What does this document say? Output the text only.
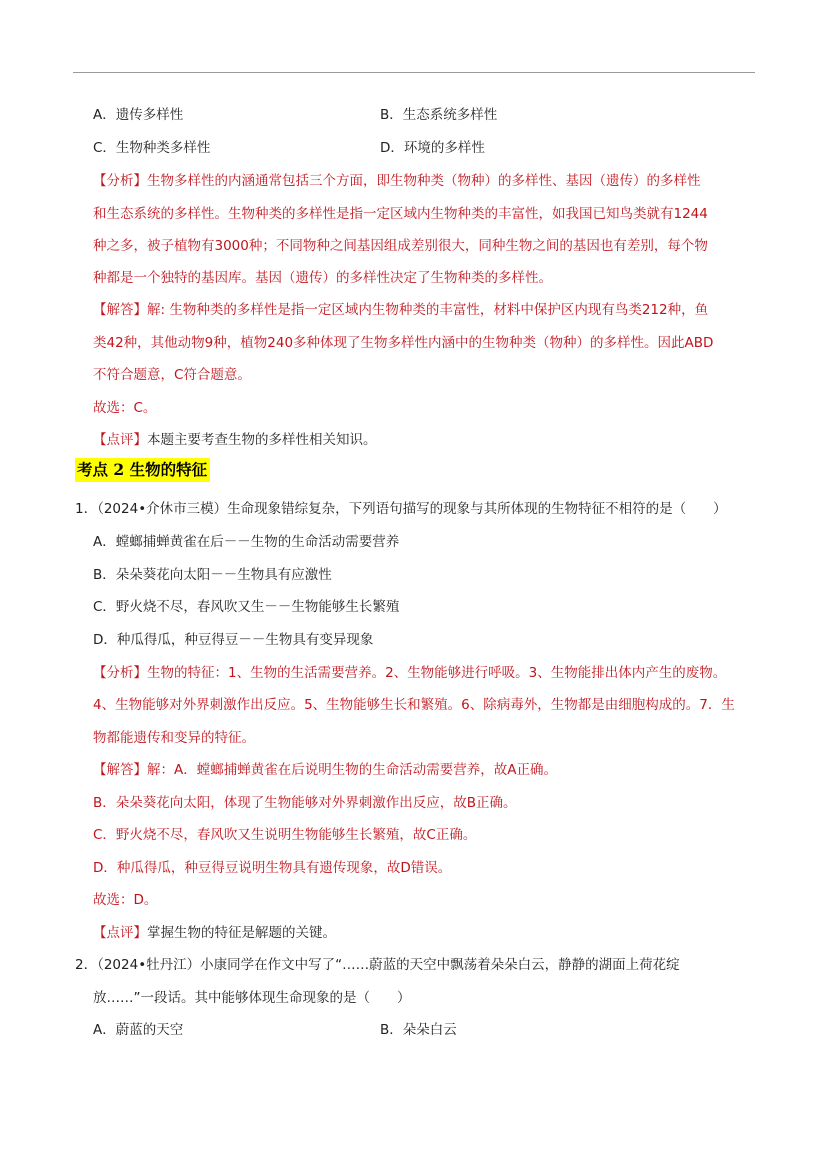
A．遗传多样性	B．生态系统多样性
C．生物种类多样性	D．环境的多样性
【分析】生物多样性的内涵通常包括三个方面，即生物种类（物种）的多样性、基因（遗传）的多样性
和生态系统的多样性。生物种类的多样性是指一定区域内生物种类的丰富性，如我国已知鸟类就有1244
种之多，被子植物有3000种；不同物种之间基因组成差别很大，同种生物之间的基因也有差别，每个物
种都是一个独特的基因库。基因（遗传）的多样性决定了生物种类的多样性。
【解答】解: 生物种类的多样性是指一定区域内生物种类的丰富性，材料中保护区内现有鸟类212种，鱼
类42种，其他动物9种，植物240多种体现了生物多样性内涵中的生物种类（物种）的多样性。因此ABD
不符合题意，C符合题意。
故选：C。
【点评】本题主要考查生物的多样性相关知识。
考点 2 生物的特征
1．（2024•介休市三模）生命现象错综复杂，下列语句描写的现象与其所体现的生物特征不相符的是（　　）
A．螳螂捕蝉黄雀在后－－生物的生命活动需要营养
B．朵朵葵花向太阳－－生物具有应激性
C．野火烧不尽，春风吹又生－－生物能够生长繁殖
D．种瓜得瓜，种豆得豆－－生物具有变异现象
【分析】生物的特征：1、生物的生活需要营养。2、生物能够进行呼吸。3、生物能排出体内产生的废物。
4、生物能够对外界刺激作出反应。5、生物能够生长和繁殖。6、除病毒外，生物都是由细胞构成的。7．生
物都能遗传和变异的特征。
【解答】解：A．螳螂捕蝉黄雀在后说明生物的生命活动需要营养，故A正确。
B．朵朵葵花向太阳，体现了生物能够对外界刺激作出反应，故B正确。
C．野火烧不尽，春风吹又生说明生物能够生长繁殖，故C正确。
D．种瓜得瓜，种豆得豆说明生物具有遗传现象，故D错误。
故选：D。
【点评】掌握生物的特征是解题的关键。
2．（2024•牡丹江）小康同学在作文中写了“……蔚蓝的天空中飘荡着朵朵白云，静静的湖面上荷花绽
放……”一段话。其中能够体现生命现象的是（　　）
A．蔚蓝的天空	B．朵朵白云
